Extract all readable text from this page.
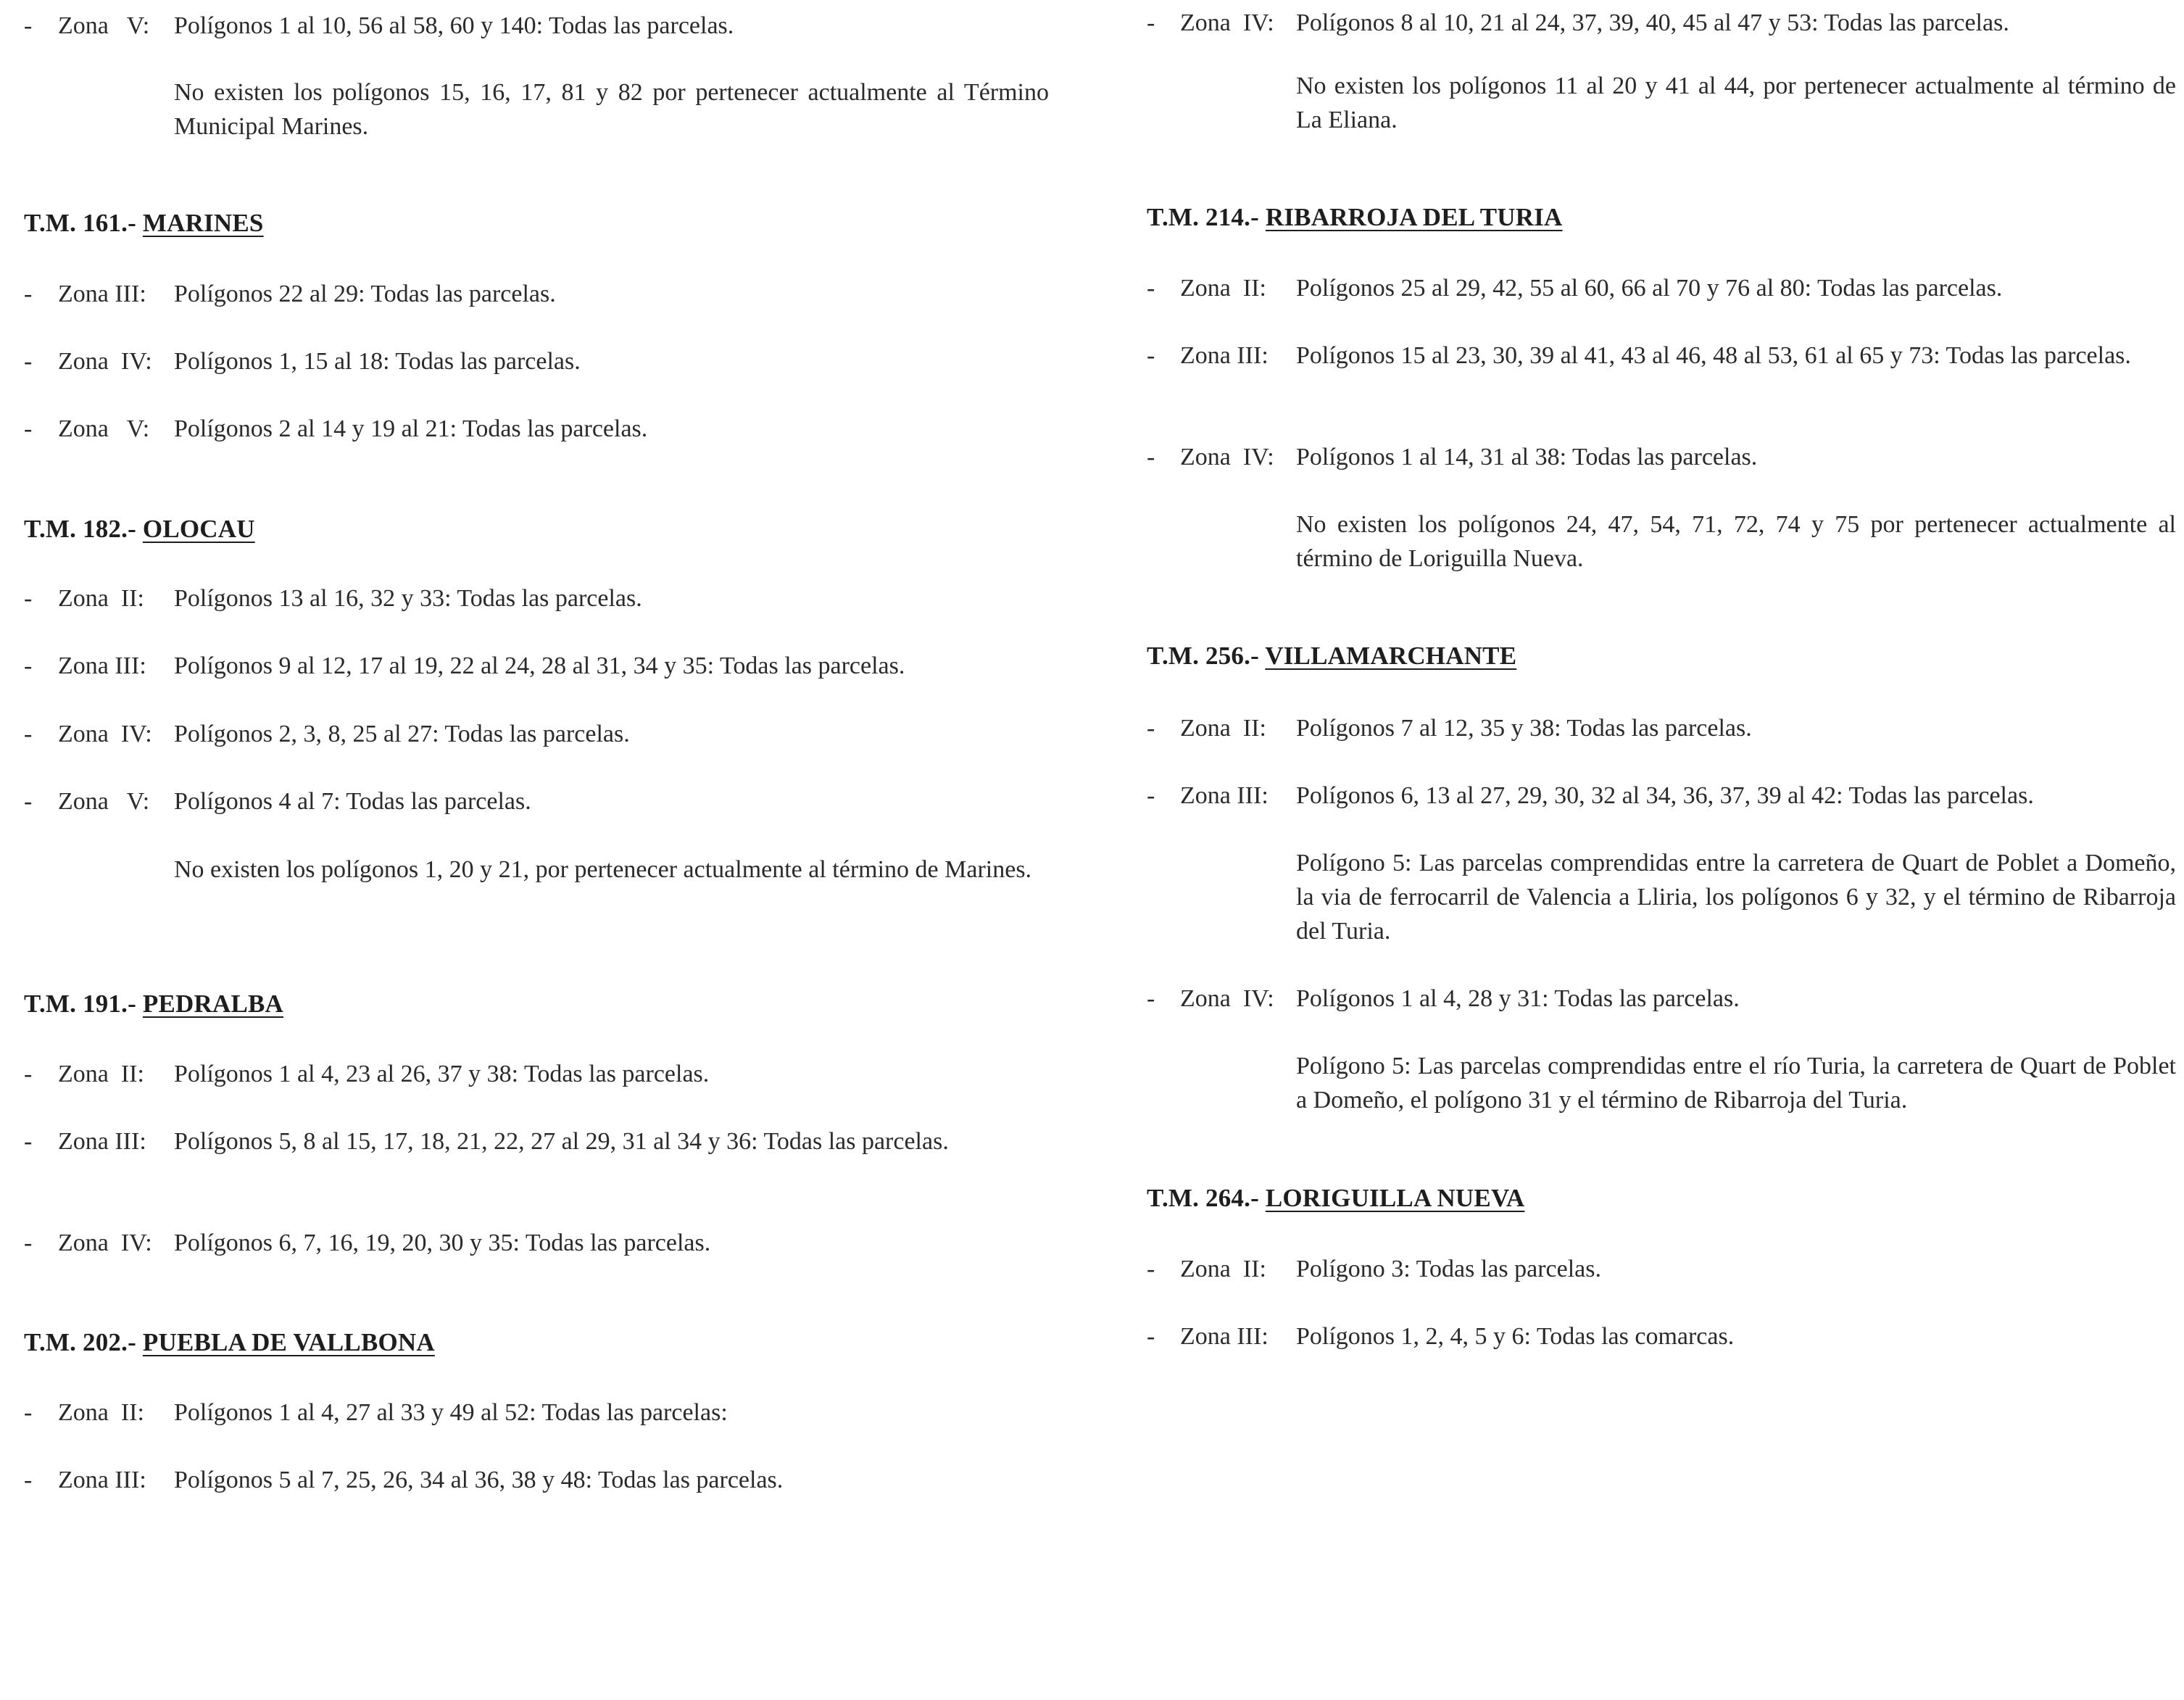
- Zona   V: Polígonos 1 al 10, 56 al 58, 60 y 140: Todas las parcelas.
No existen los polígonos 15, 16, 17, 81 y 82 por pertenecer actualmente al Término Municipal Marines.
T.M. 161.- MARINES
- Zona III: Polígonos 22 al 29: Todas las parcelas.
- Zona  IV: Polígonos 1, 15 al 18: Todas las parcelas.
- Zona   V: Polígonos 2 al 14 y 19 al 21: Todas las parcelas.
T.M. 182.- OLOCAU
- Zona  II: Polígonos 13 al 16, 32 y 33: Todas las parcelas.
- Zona III: Polígonos 9 al 12, 17 al 19, 22 al 24, 28 al 31, 34 y 35: Todas las parcelas.
- Zona  IV: Polígonos 2, 3, 8, 25 al 27: Todas las parcelas.
- Zona   V: Polígonos 4 al 7: Todas las parcelas.
No existen los polígonos 1, 20 y 21, por pertenecer actualmente al término de Marines.
T.M. 191.- PEDRALBA
- Zona  II: Polígonos 1 al 4, 23 al 26, 37 y 38: Todas las parcelas.
- Zona III: Polígonos 5, 8 al 15, 17, 18, 21, 22, 27 al 29, 31 al 34 y 36: Todas las parcelas.
- Zona  IV: Polígonos 6, 7, 16, 19, 20, 30 y 35: Todas las parcelas.
T.M. 202.- PUEBLA DE VALLBONA
- Zona  II: Polígonos 1 al 4, 27 al 33 y 49 al 52: Todas las parcelas:
- Zona III: Polígonos 5 al 7, 25, 26, 34 al 36, 38 y 48: Todas las parcelas.
- Zona  IV: Polígonos 8 al 10, 21 al 24, 37, 39, 40, 45 al 47 y 53: Todas las parcelas.
No existen los polígonos 11 al 20 y 41 al 44, por pertenecer actualmente al término de La Eliana.
T.M. 214.- RIBARROJA DEL TURIA
- Zona  II: Polígonos 25 al 29, 42, 55 al 60, 66 al 70 y 76 al 80: Todas las parcelas.
- Zona III: Polígonos 15 al 23, 30, 39 al 41, 43 al 46, 48 al 53, 61 al 65 y 73: Todas las parcelas.
- Zona  IV: Polígonos 1 al 14, 31 al 38: Todas las parcelas.
No existen los polígonos 24, 47, 54, 71, 72, 74 y 75 por pertenecer actualmente al término de Loriguilla Nueva.
T.M. 256.- VILLAMARCHANTE
- Zona  II: Polígonos 7 al 12, 35 y 38: Todas las parcelas.
- Zona III: Polígonos 6, 13 al 27, 29, 30, 32 al 34, 36, 37, 39 al 42: Todas las parcelas.
Polígono 5: Las parcelas comprendidas entre la carretera de Quart de Poblet a Domeño, la via de ferrocarril de Valencia a Lliria, los polígonos 6 y 32, y el término de Ribarroja del Turia.
- Zona  IV: Polígonos 1 al 4, 28 y 31: Todas las parcelas.
Polígono 5: Las parcelas comprendidas entre el río Turia, la carretera de Quart de Poblet a Domeño, el polígono 31 y el término de Ribarroja del Turia.
T.M. 264.- LORIGUILLA NUEVA
- Zona  II: Polígono 3: Todas las parcelas.
- Zona III: Polígonos 1, 2, 4, 5 y 6: Todas las comarcas.
